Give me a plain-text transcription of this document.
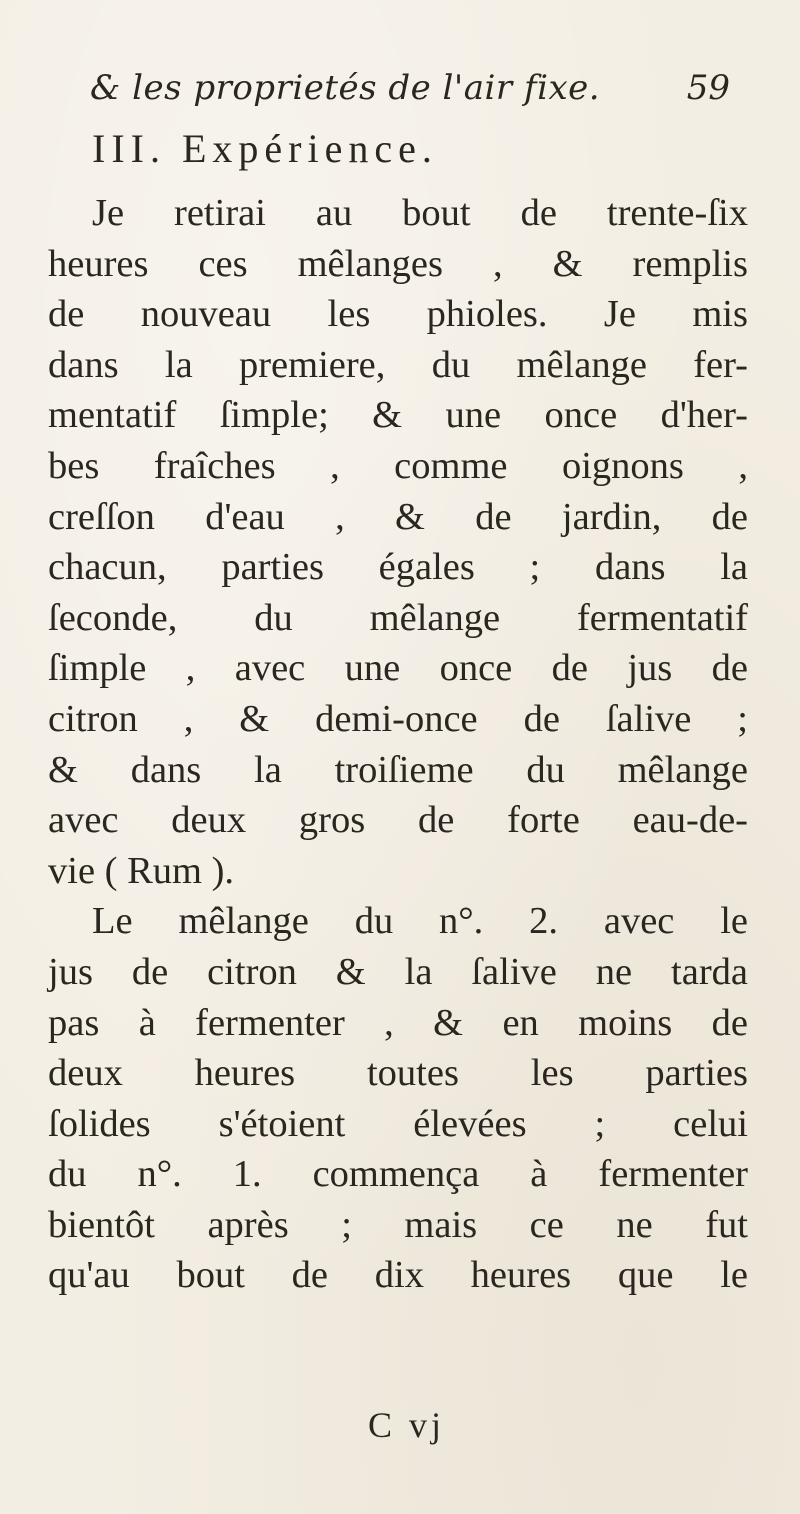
& les proprietés de l'air fixe.	59
III. Expérience.
Je retirai au bout de trente-ſix
heures ces mêlanges , & remplis
de nouveau les phioles. Je mis
dans la premiere, du mêlange fer-
mentatif ſimple; & une once d'her-
bes fraîches , comme oignons ,
creſſon d'eau , & de jardin, de
chacun, parties égales ; dans la
ſeconde, du mêlange fermentatif
ſimple , avec une once de jus de
citron , & demi-once de ſalive ;
& dans la troiſieme du mêlange
avec deux gros de forte eau-de-
vie ( Rum ).
Le mêlange du n°. 2. avec le
jus de citron & la ſalive ne tarda
pas à fermenter , & en moins de
deux heures toutes les parties
ſolides s'étoient élevées ; celui
du n°. 1. commença à fermenter
bientôt après ; mais ce ne fut
qu'au bout de dix heures que le
C vj
